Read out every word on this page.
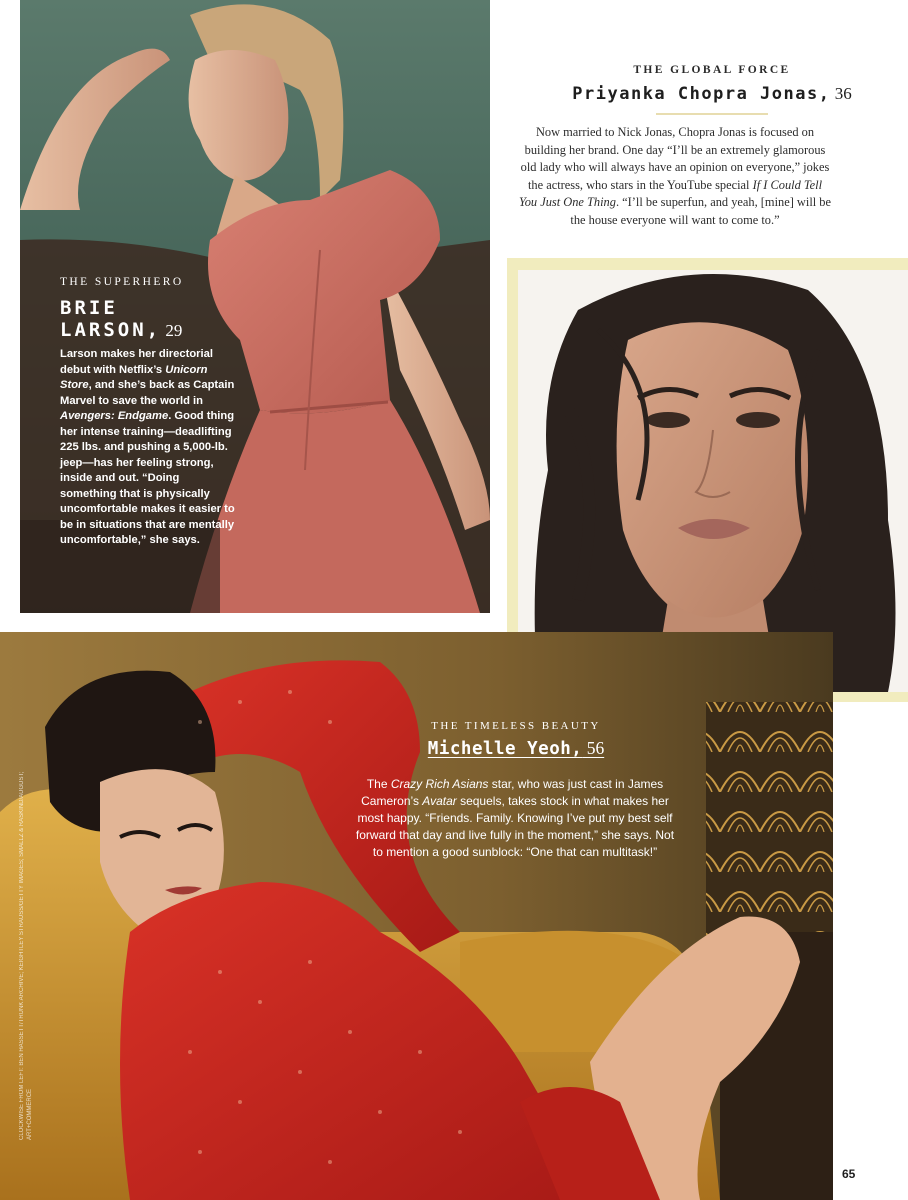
THE SUPERHERO
BRIE
LARSON, 29
Larson makes her directorial debut with Netflix’s Unicorn Store, and she’s back as Captain Marvel to save the world in Avengers: Endgame. Good thing her intense training—deadlifting 225 lbs. and pushing a 5,000-lb. jeep—has her feeling strong, inside and out. “Doing something that is physically uncomfortable makes it easier to be in situations that are mentally uncomfortable,” she says.
THE GLOBAL FORCE
Priyanka Chopra Jonas, 36
Now married to Nick Jonas, Chopra Jonas is focused on building her brand. One day “I’ll be an extremely glamorous old lady who will always have an opinion on everyone,” jokes the actress, who stars in the YouTube special If I Could Tell You Just One Thing. “I’ll be superfun, and yeah, [mine] will be the house everyone will want to come to.”
THE TIMELESS BEAUTY
Michelle Yeoh, 56
The Crazy Rich Asians star, who was just cast in James Cameron’s Avatar sequels, takes stock in what makes her most happy. “Friends. Family. Knowing I’ve put my best self forward that day and live fully in the moment,” she says. Not to mention a good sunblock: “One that can multitask!”
CLOCKWISE FROM LEFT: BEN HASSETT/TRUNK ARCHIVE; KEIGHTLEY STRAUSS/GETTY IMAGES; SMALLZ & RASKIND/AUGUST; ART+COMMERCE
65
